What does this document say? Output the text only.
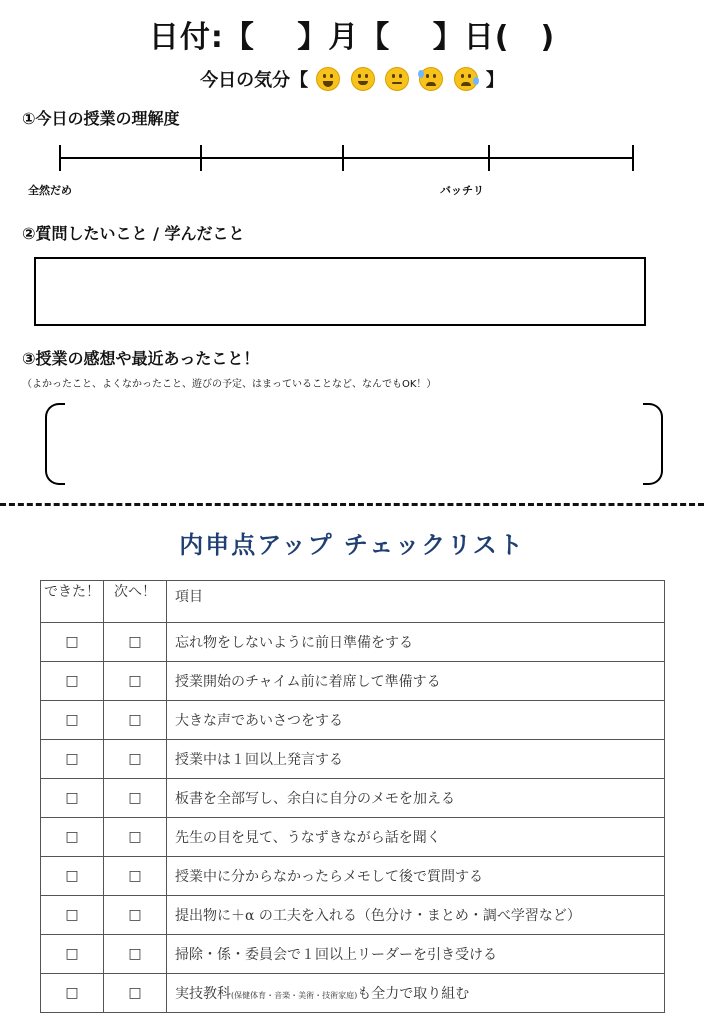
日付:【　 】月【　 】日(　)
今日の気分【

	】
①今日の授業の理解度
全然だめ	バッチリ
②質問したいこと / 学んだこと
③授業の感想や最近あったこと！
（よかったこと、よくなかったこと、遊びの予定、はまっていることなど、なんでもOK！）
内申点アップ チェックリスト
できた！	次へ！	項目
□	□	忘れ物をしないように前日準備をする
□	□	授業開始のチャイム前に着席して準備する
□	□	大きな声であいさつをする
□	□	授業中は１回以上発言する
□	□	板書を全部写し、余白に自分のメモを加える
□	□	先生の目を見て、うなずきながら話を聞く
□	□	授業中に分からなかったらメモして後で質問する
□	□	提出物に＋α の工夫を入れる（色分け・まとめ・調べ学習など）
□	□	掃除・係・委員会で１回以上リーダーを引き受ける
□	□	実技教科(保健体育・音楽・美術・技術家庭)も全力で取り組む
